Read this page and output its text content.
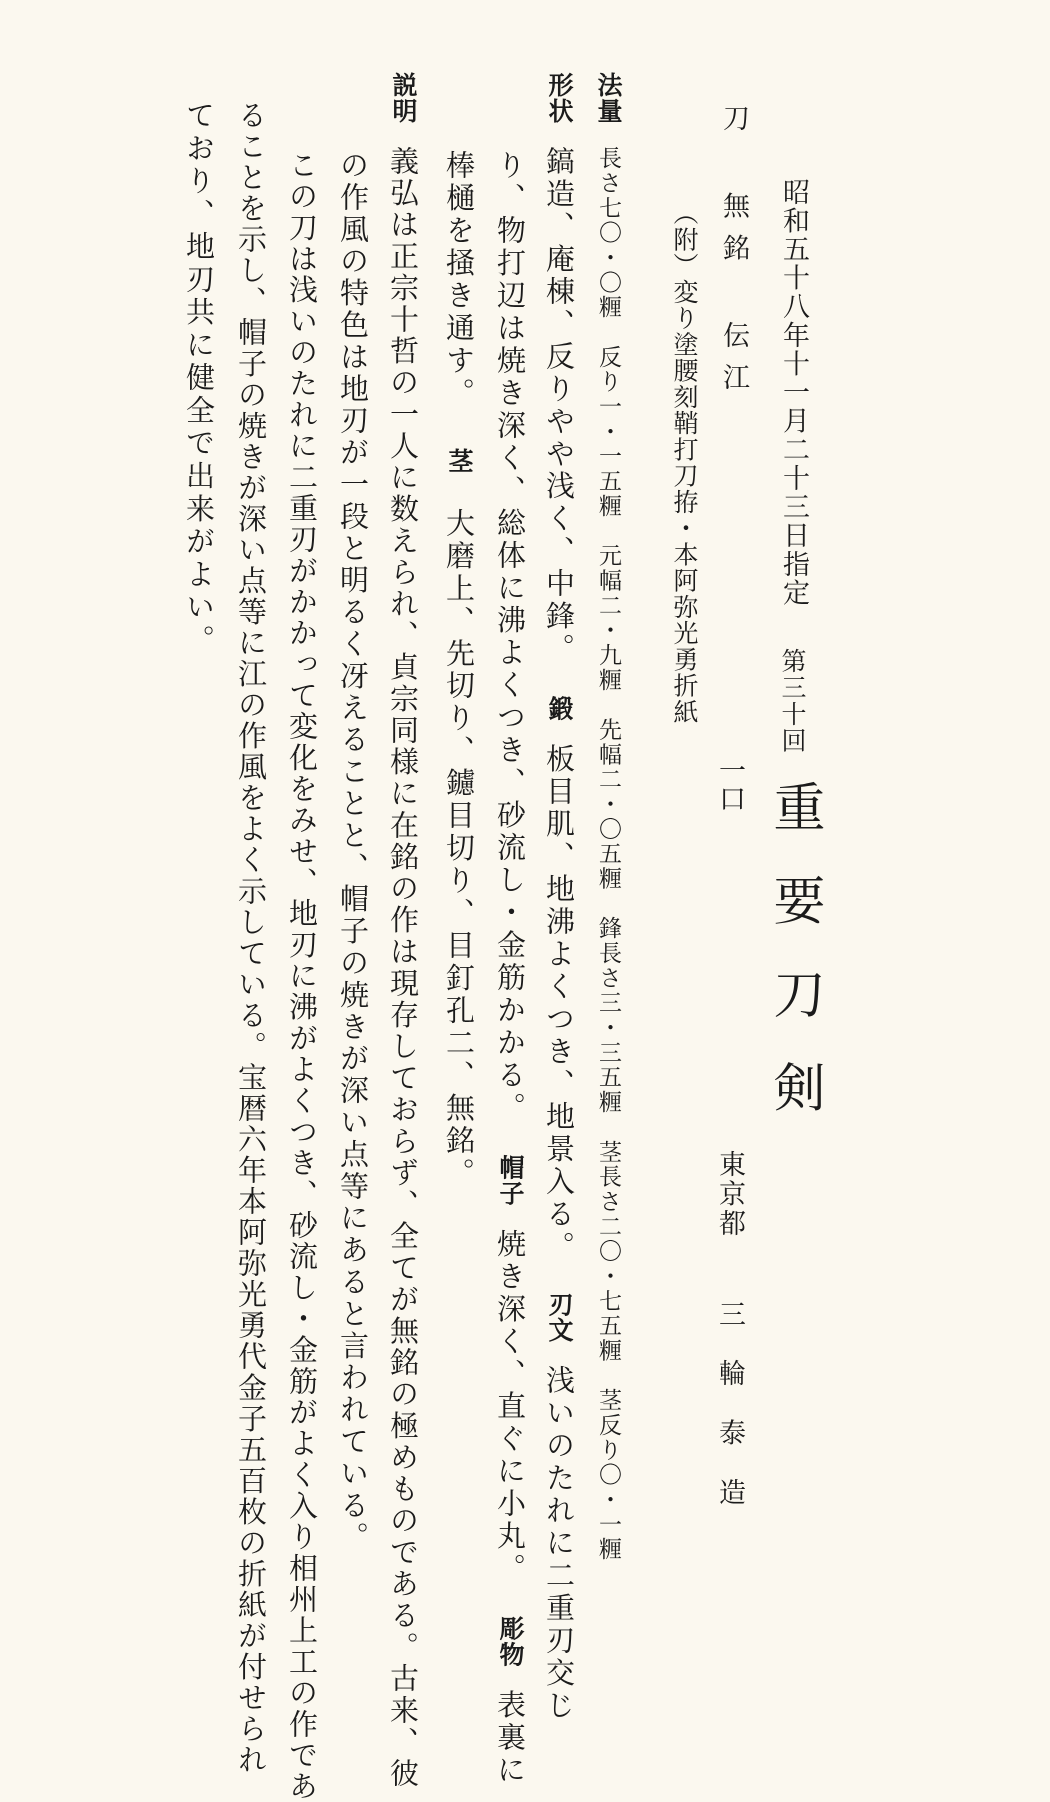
昭和五十八年十一月二十三日指定
第三十回
重要刀剣
東京都
三輪泰造
刀 無銘 伝江
一口
（附）変り塗腰刻鞘打刀拵・本阿弥光勇折紙
法量長さ七〇・〇糎　反り一・一五糎　元幅二・九糎　先幅二・〇五糎　鋒長さ三・三五糎　茎長さ二〇・七五糎　茎反り〇・一糎
形状鎬造、庵棟、反りやや浅く、中鋒。鍛板目肌、地沸よくつき、地景入る。刃文浅いのたれに二重刃交じ
り、物打辺は焼き深く、総体に沸よくつき、砂流し・金筋かかる。帽子焼き深く、直ぐに小丸。彫物表裏に
棒樋を掻き通す。茎大磨上、先切り、鑢目切り、目釘孔二、無銘。
説明義弘は正宗十哲の一人に数えられ、貞宗同様に在銘の作は現存しておらず、全てが無銘の極めものである。古来、彼
の作風の特色は地刃が一段と明るく冴えることと、帽子の焼きが深い点等にあると言われている。
この刀は浅いのたれに二重刃がかかって変化をみせ、地刃に沸がよくつき、砂流し・金筋がよく入り相州上工の作であ
ることを示し、帽子の焼きが深い点等に江の作風をよく示している。宝暦六年本阿弥光勇代金子五百枚の折紙が付せられ
ており、地刃共に健全で出来がよい。
